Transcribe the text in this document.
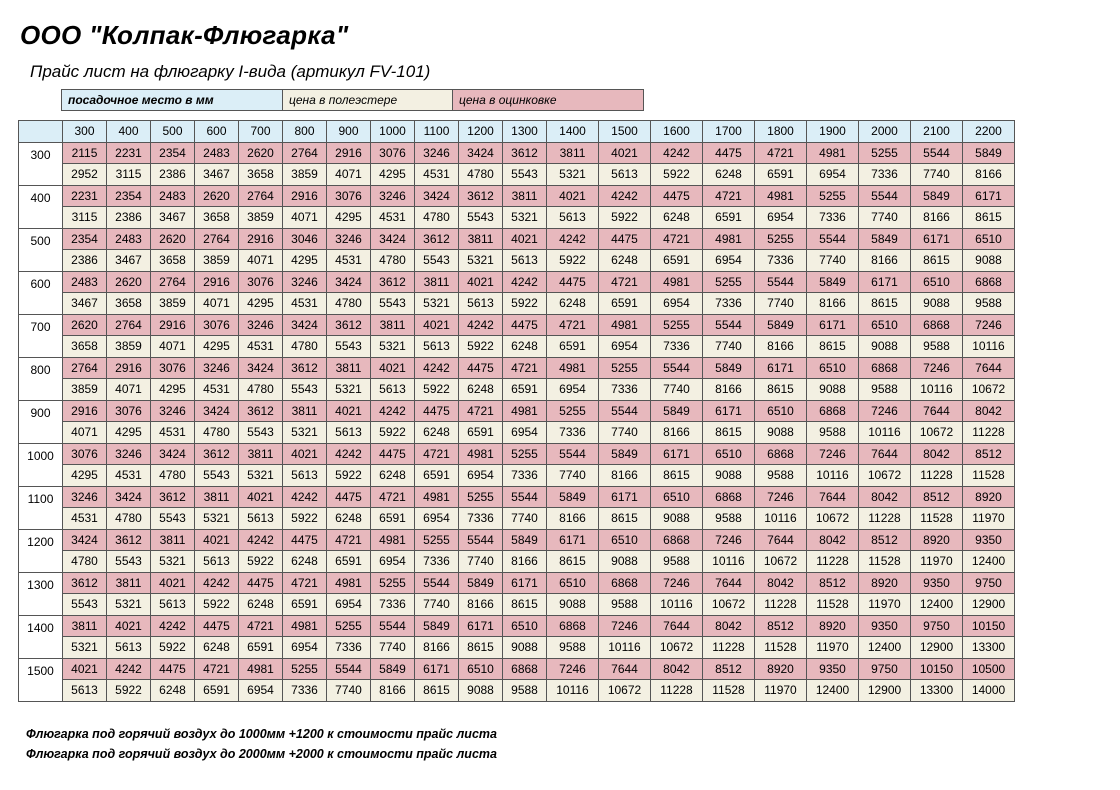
ООО "Колпак-Флюгарка"
Прайс лист на флюгарку I-вида (артикул FV-101)
посадочное место в мм	цена в полеэстере	цена в оцинковке
	300	400	500	600	700	800	900	1000	1100	1200	1300	1400	1500	1600	1700	1800	1900	2000	2100	2200
300	2115	2231	2354	2483	2620	2764	2916	3076	3246	3424	3612	3811	4021	4242	4475	4721	4981	5255	5544	5849
	2952	3115	2386	3467	3658	3859	4071	4295	4531	4780	5543	5321	5613	5922	6248	6591	6954	7336	7740	8166
400	2231	2354	2483	2620	2764	2916	3076	3246	3424	3612	3811	4021	4242	4475	4721	4981	5255	5544	5849	6171
	3115	2386	3467	3658	3859	4071	4295	4531	4780	5543	5321	5613	5922	6248	6591	6954	7336	7740	8166	8615
500	2354	2483	2620	2764	2916	3046	3246	3424	3612	3811	4021	4242	4475	4721	4981	5255	5544	5849	6171	6510
	2386	3467	3658	3859	4071	4295	4531	4780	5543	5321	5613	5922	6248	6591	6954	7336	7740	8166	8615	9088
600	2483	2620	2764	2916	3076	3246	3424	3612	3811	4021	4242	4475	4721	4981	5255	5544	5849	6171	6510	6868
	3467	3658	3859	4071	4295	4531	4780	5543	5321	5613	5922	6248	6591	6954	7336	7740	8166	8615	9088	9588
700	2620	2764	2916	3076	3246	3424	3612	3811	4021	4242	4475	4721	4981	5255	5544	5849	6171	6510	6868	7246
	3658	3859	4071	4295	4531	4780	5543	5321	5613	5922	6248	6591	6954	7336	7740	8166	8615	9088	9588	10116
800	2764	2916	3076	3246	3424	3612	3811	4021	4242	4475	4721	4981	5255	5544	5849	6171	6510	6868	7246	7644
	3859	4071	4295	4531	4780	5543	5321	5613	5922	6248	6591	6954	7336	7740	8166	8615	9088	9588	10116	10672
900	2916	3076	3246	3424	3612	3811	4021	4242	4475	4721	4981	5255	5544	5849	6171	6510	6868	7246	7644	8042
	4071	4295	4531	4780	5543	5321	5613	5922	6248	6591	6954	7336	7740	8166	8615	9088	9588	10116	10672	11228
1000	3076	3246	3424	3612	3811	4021	4242	4475	4721	4981	5255	5544	5849	6171	6510	6868	7246	7644	8042	8512
	4295	4531	4780	5543	5321	5613	5922	6248	6591	6954	7336	7740	8166	8615	9088	9588	10116	10672	11228	11528
1100	3246	3424	3612	3811	4021	4242	4475	4721	4981	5255	5544	5849	6171	6510	6868	7246	7644	8042	8512	8920
	4531	4780	5543	5321	5613	5922	6248	6591	6954	7336	7740	8166	8615	9088	9588	10116	10672	11228	11528	11970
1200	3424	3612	3811	4021	4242	4475	4721	4981	5255	5544	5849	6171	6510	6868	7246	7644	8042	8512	8920	9350
	4780	5543	5321	5613	5922	6248	6591	6954	7336	7740	8166	8615	9088	9588	10116	10672	11228	11528	11970	12400
1300	3612	3811	4021	4242	4475	4721	4981	5255	5544	5849	6171	6510	6868	7246	7644	8042	8512	8920	9350	9750
	5543	5321	5613	5922	6248	6591	6954	7336	7740	8166	8615	9088	9588	10116	10672	11228	11528	11970	12400	12900
1400	3811	4021	4242	4475	4721	4981	5255	5544	5849	6171	6510	6868	7246	7644	8042	8512	8920	9350	9750	10150
	5321	5613	5922	6248	6591	6954	7336	7740	8166	8615	9088	9588	10116	10672	11228	11528	11970	12400	12900	13300
1500	4021	4242	4475	4721	4981	5255	5544	5849	6171	6510	6868	7246	7644	8042	8512	8920	9350	9750	10150	10500
	5613	5922	6248	6591	6954	7336	7740	8166	8615	9088	9588	10116	10672	11228	11528	11970	12400	12900	13300	14000
Флюгарка под горячий воздух до 1000мм +1200 к стоимости прайс листа
Флюгарка под горячий воздух до 2000мм +2000 к стоимости прайс листа
